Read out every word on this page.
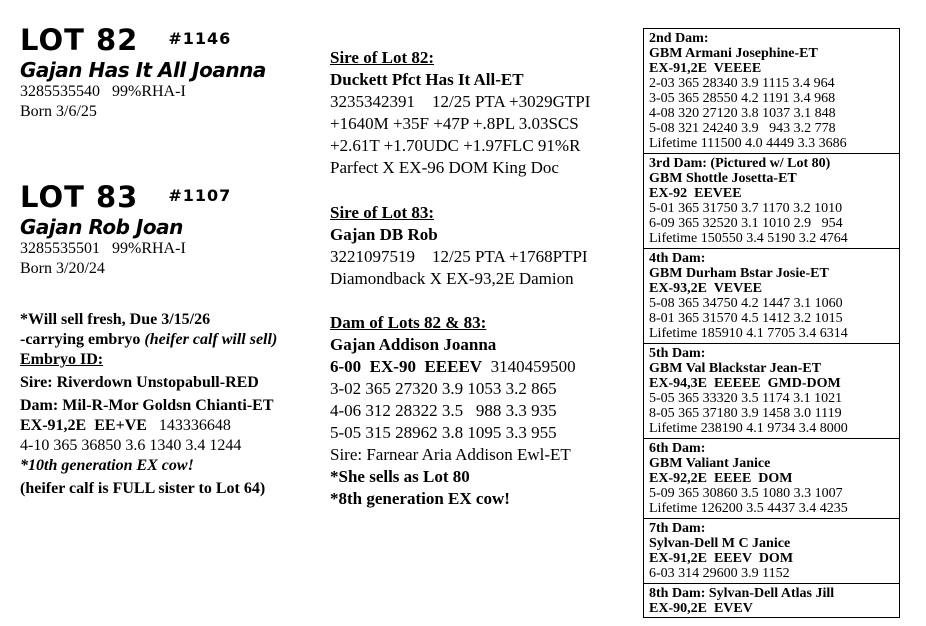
LOT 82 $^{\#1146}$
Gajan Has It All Joanna
3285535540   99%RHA-I
Born 3/6/25
LOT 83 $^{\#1107}$
Gajan Rob Joan
3285535501   99%RHA-I
Born 3/20/24
*Will sell fresh, Due 3/15/26
-carrying embryo (heifer calf will sell)
Embryo ID:
Sire: Riverdown Unstopabull-RED
Dam: Mil-R-Mor Goldsn Chianti-ET
EX-91,2E  EE+VE   143336648
4-10 365 36850 3.6 1340 3.4 1244
*10th generation EX cow!
(heifer calf is FULL sister to Lot 64)
Sire of Lot 82:
Duckett Pfct Has It All-ET
3235342391    12/25 PTA +3029GTPI
+1640M +35F +47P +.8PL 3.03SCS
+2.61T +1.70UDC +1.97FLC 91%R
Parfect X EX-96 DOM King Doc
Sire of Lot 83:
Gajan DB Rob
3221097519    12/25 PTA +1768PTPI
Diamondback X EX-93,2E Damion
Dam of Lots 82 & 83:
Gajan Addison Joanna
6-00  EX-90  EEEEV  3140459500
3-02 365 27320 3.9 1053 3.2 865
4-06 312 28322 3.5   988 3.3 935
5-05 315 28962 3.8 1095 3.3 955
Sire: Farnear Aria Addison Ewl-ET
*She sells as Lot 80
*8th generation EX cow!
2nd Dam:
GBM Armani Josephine-ET
EX-91,2E  VEEEE
2-03 365 28340 3.9 1115 3.4 964
3-05 365 28550 4.2 1191 3.4 968
4-08 320 27120 3.8 1037 3.1 848
5-08 321 24240 3.9   943 3.2 778
Lifetime 111500 4.0 4449 3.3 3686
3rd Dam: (Pictured w/ Lot 80)
GBM Shottle Josetta-ET
EX-92  EEVEE
5-01 365 31750 3.7 1170 3.2 1010
6-09 365 32520 3.1 1010 2.9   954
Lifetime 150550 3.4 5190 3.2 4764
4th Dam:
GBM Durham Bstar Josie-ET
EX-93,2E  VEVEE
5-08 365 34750 4.2 1447 3.1 1060
8-01 365 31570 4.5 1412 3.2 1015
Lifetime 185910 4.1 7705 3.4 6314
5th Dam:
GBM Val Blackstar Jean-ET
EX-94,3E  EEEEE  GMD-DOM
5-05 365 33320 3.5 1174 3.1 1021
8-05 365 37180 3.9 1458 3.0 1119
Lifetime 238190 4.1 9734 3.4 8000
6th Dam:
GBM Valiant Janice
EX-92,2E  EEEE  DOM
5-09 365 30860 3.5 1080 3.3 1007
Lifetime 126200 3.5 4437 3.4 4235
7th Dam:
Sylvan-Dell M C Janice
EX-91,2E  EEEV  DOM
6-03 314 29600 3.9 1152
8th Dam: Sylvan-Dell Atlas Jill
EX-90,2E  EVEV
